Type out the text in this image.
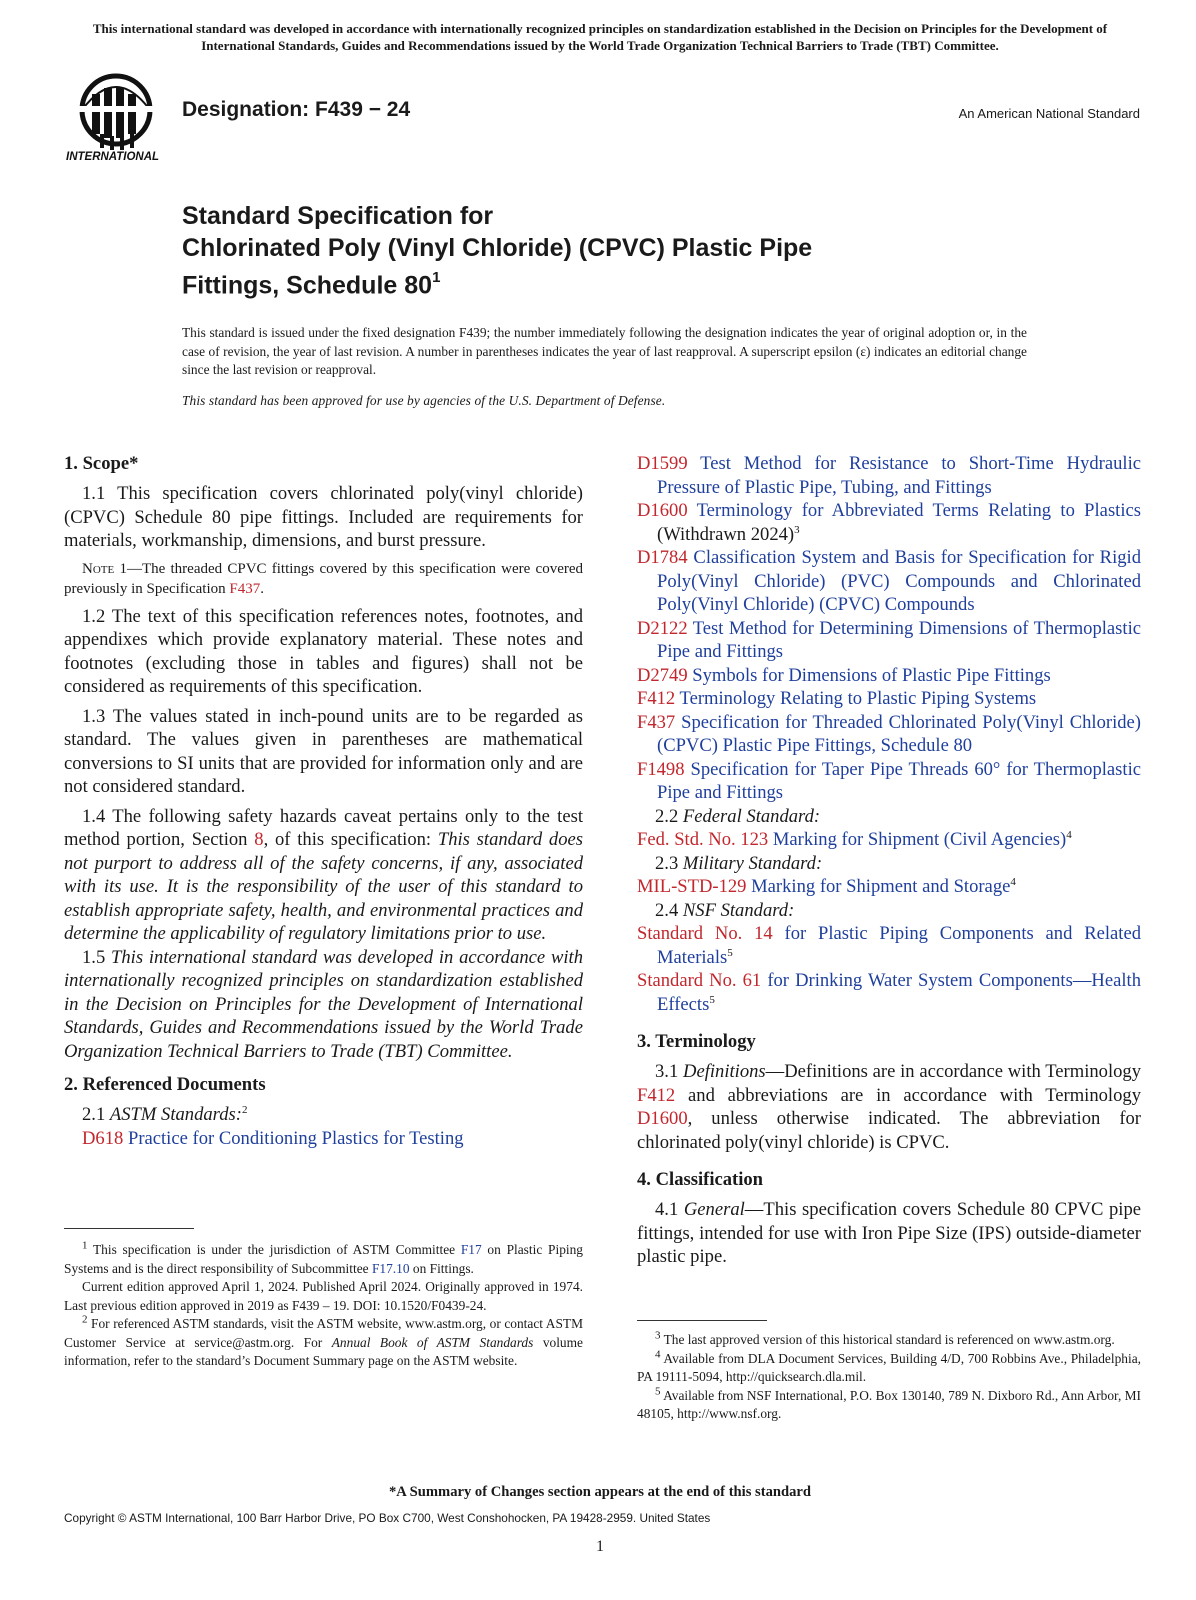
This international standard was developed in accordance with internationally recognized principles on standardization established in the Decision on Principles for the Development of International Standards, Guides and Recommendations issued by the World Trade Organization Technical Barriers to Trade (TBT) Committee.
INTERNATIONAL
Designation: F439 − 24	An American National Standard
Standard Specification for
Chlorinated Poly (Vinyl Chloride) (CPVC) Plastic Pipe
Fittings, Schedule $80^1$
This standard is issued under the fixed designation F439; the number immediately following the designation indicates the year of original adoption or, in the case of revision, the year of last revision. A number in parentheses indicates the year of last reapproval. A superscript epsilon (ε) indicates an editorial change since the last revision or reapproval.
This standard has been approved for use by agencies of the U.S. Department of Defense.
1. Scope*

1.1 This specification covers chlorinated poly(vinyl chloride) (CPVC) Schedule 80 pipe fittings. Included are requirements for materials, workmanship, dimensions, and burst pressure.

Note 1—The threaded CPVC fittings covered by this specification were covered previously in Specification F437.

1.2 The text of this specification references notes, footnotes, and appendixes which provide explanatory material. These notes and footnotes (excluding those in tables and figures) shall not be considered as requirements of this specification.

1.3 The values stated in inch-pound units are to be regarded as standard. The values given in parentheses are mathematical conversions to SI units that are provided for information only and are not considered standard.

1.4 The following safety hazards caveat pertains only to the test method portion, Section 8, of this specification: This standard does not purport to address all of the safety concerns, if any, associated with its use. It is the responsibility of the user of this standard to establish appropriate safety, health, and environmental practices and determine the applicability of regulatory limitations prior to use.

1.5 This international standard was developed in accordance with internationally recognized principles on standardization established in the Decision on Principles for the Development of International Standards, Guides and Recommendations issued by the World Trade Organization Technical Barriers to Trade (TBT) Committee.

2. Referenced Documents

2.1 ASTM Standards:$^2$

D618 Practice for Conditioning Plastics for Testing

$^1$ This specification is under the jurisdiction of ASTM Committee F17 on Plastic Piping Systems and is the direct responsibility of Subcommittee F17.10 on Fittings.

Current edition approved April 1, 2024. Published April 2024. Originally approved in 1974. Last previous edition approved in 2019 as F439 – 19. DOI: 10.1520/F0439-24.

$^2$ For referenced ASTM standards, visit the ASTM website, www.astm.org, or contact ASTM Customer Service at service@astm.org. For Annual Book of ASTM Standards volume information, refer to the standard’s Document Summary page on the ASTM website.

D1599 Test Method for Resistance to Short-Time Hydraulic Pressure of Plastic Pipe, Tubing, and Fittings

D1600 Terminology for Abbreviated Terms Relating to Plastics (Withdrawn 2024)$^3$

D1784 Classification System and Basis for Specification for Rigid Poly(Vinyl Chloride) (PVC) Compounds and Chlorinated Poly(Vinyl Chloride) (CPVC) Compounds

D2122 Test Method for Determining Dimensions of Thermoplastic Pipe and Fittings

D2749 Symbols for Dimensions of Plastic Pipe Fittings

F412 Terminology Relating to Plastic Piping Systems

F437 Specification for Threaded Chlorinated Poly(Vinyl Chloride) (CPVC) Plastic Pipe Fittings, Schedule 80

F1498 Specification for Taper Pipe Threads 60° for Thermoplastic Pipe and Fittings

2.2 Federal Standard:

Fed. Std. No. 123 Marking for Shipment (Civil Agencies)$^4$

2.3 Military Standard:

MIL-STD-129 Marking for Shipment and Storage$^4$

2.4 NSF Standard:

Standard No. 14 for Plastic Piping Components and Related Materials$^5$

Standard No. 61 for Drinking Water System Components—Health Effects$^5$

3. Terminology

3.1 Definitions—Definitions are in accordance with Terminology F412 and abbreviations are in accordance with Terminology D1600, unless otherwise indicated. The abbreviation for chlorinated poly(vinyl chloride) is CPVC.

4. Classification

4.1 General—This specification covers Schedule 80 CPVC pipe fittings, intended for use with Iron Pipe Size (IPS) outside-diameter plastic pipe.

$^3$ The last approved version of this historical standard is referenced on www.astm.org.

$^4$ Available from DLA Document Services, Building 4/D, 700 Robbins Ave., Philadelphia, PA 19111-5094, http://quicksearch.dla.mil.

$^5$ Available from NSF International, P.O. Box 130140, 789 N. Dixboro Rd., Ann Arbor, MI 48105, http://www.nsf.org.

*A Summary of Changes section appears at the end of this standard
Copyright © ASTM International, 100 Barr Harbor Drive, PO Box C700, West Conshohocken, PA 19428-2959. United States
1
